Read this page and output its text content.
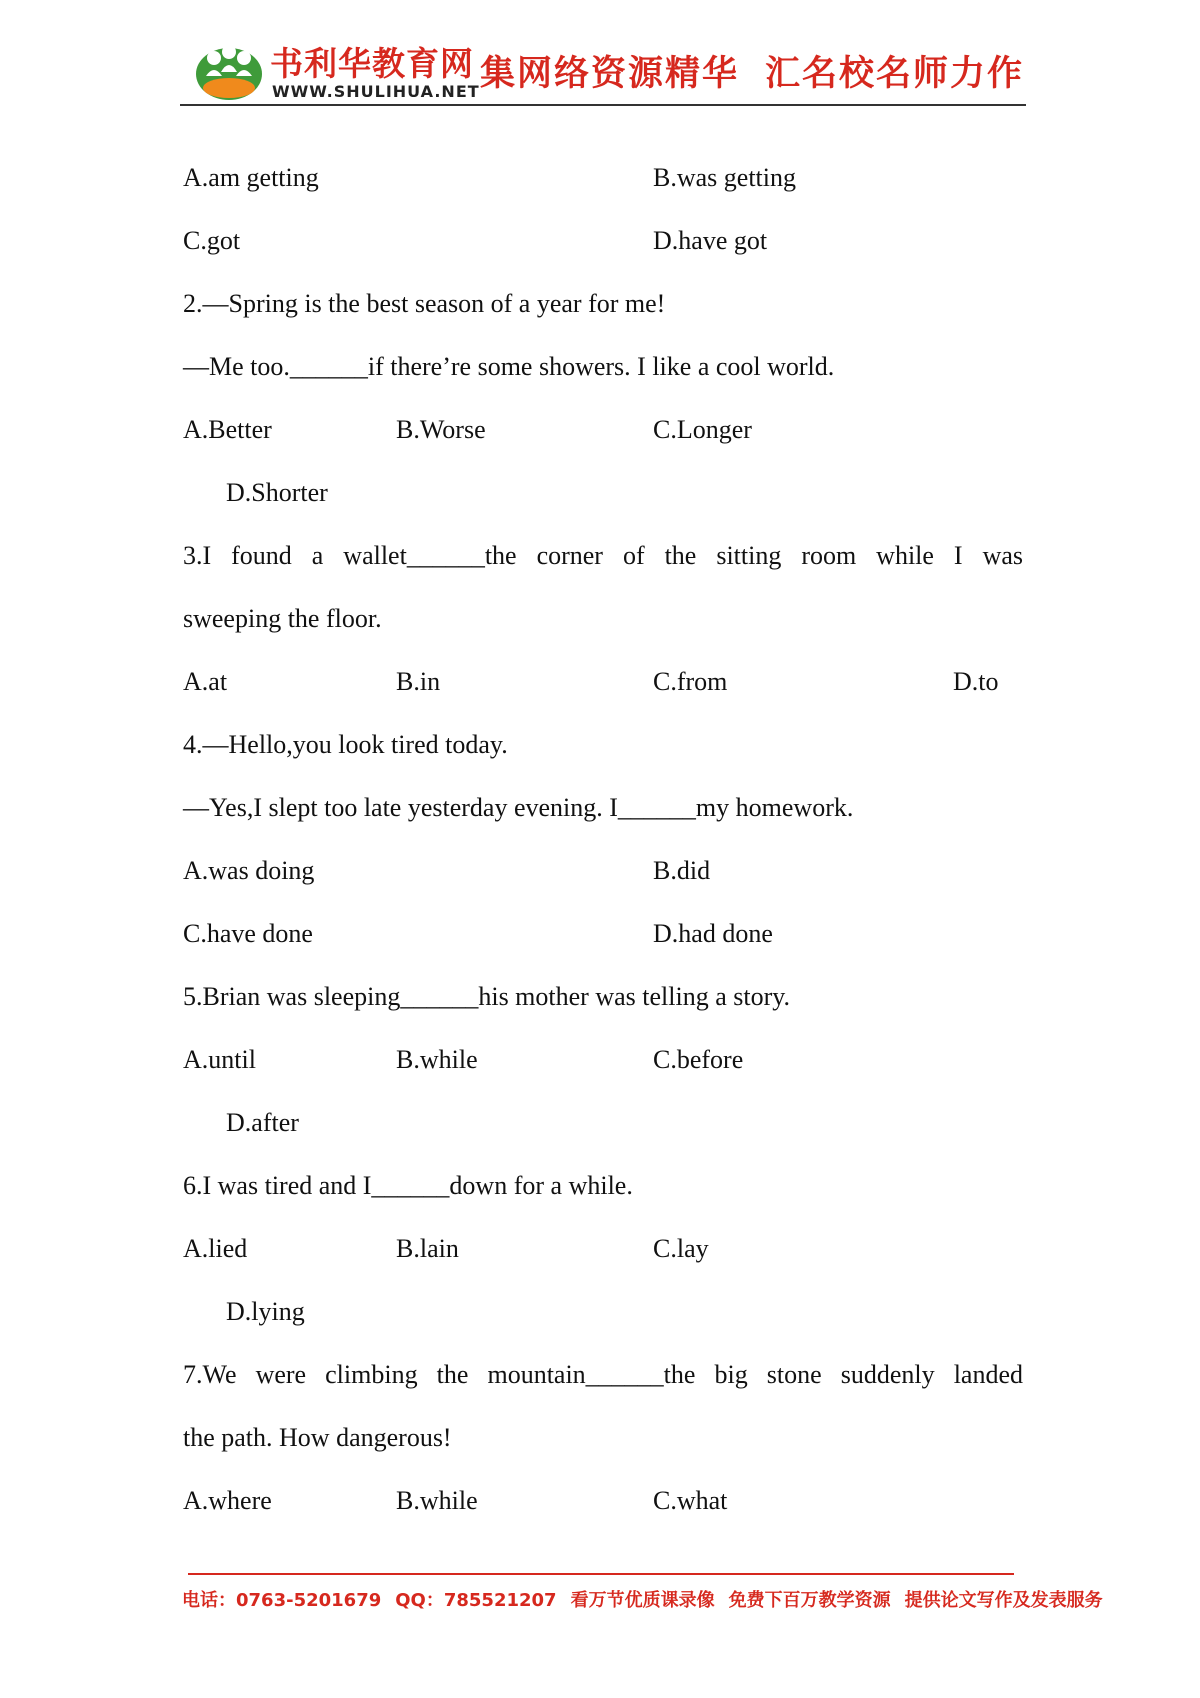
书利华教育网
WWW.SHULIHUA.NET 集网络资源精华 汇名校名师力作
A.am getting	B.was getting
C.got	D.have got
2.—Spring is the best season of a year for me!
—Me too.______if there’re some showers. I like a cool world.
A.Better	B.Worse	C.Longer
D.Shorter
3.I found a wallet______the corner of the sitting room while I was
sweeping the floor.
A.at	B.in	C.from	D.to
4.—Hello,you look tired today.
—Yes,I slept too late yesterday evening. I______my homework.
A.was doing	B.did
C.have done	D.had done
5.Brian was sleeping______his mother was telling a story.
A.until	B.while	C.before
D.after
6.I was tired and I______down for a while.
A.lied	B.lain	C.lay
D.lying
7.We were climbing the mountain______the big stone suddenly landed
the path. How dangerous!
A.where	B.while	C.what
电话：0763-5201679 QQ：785521207 看万节优质课录像 免费下百万教学资源 提供论文写作及发表服务
